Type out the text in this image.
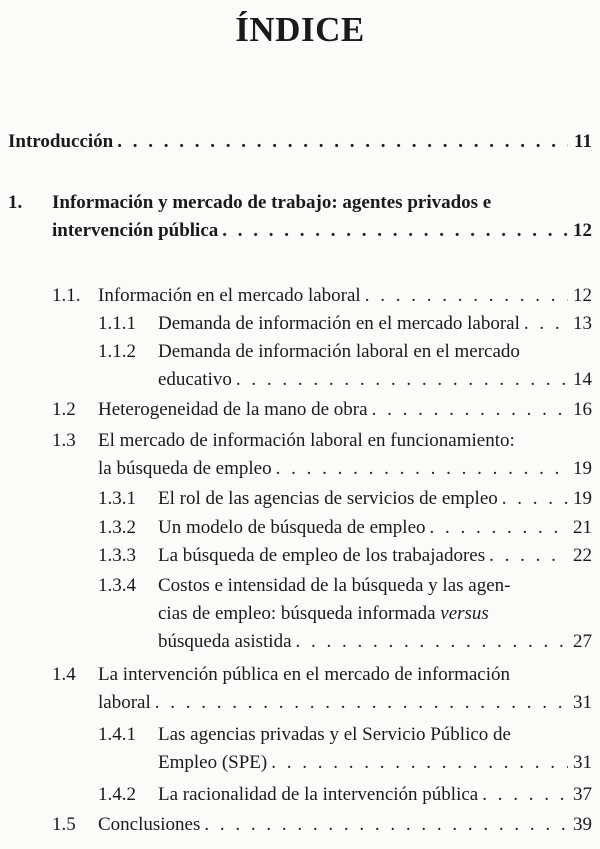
ÍNDICE
Introducción . . .	11
1. Información y mercado de trabajo: agentes privados e
intervención pública . . .	12
1.1. Información en el mercado laboral . . .	12
1.1.1 Demanda de información en el mercado laboral . . .	13
1.1.2 Demanda de información laboral en el mercado
educativo . . .	14
1.2 Heterogeneidad de la mano de obra . . .	16
1.3 El mercado de información laboral en funcionamiento:
la búsqueda de empleo . . .	19
1.3.1 El rol de las agencias de servicios de empleo . . .	19
1.3.2 Un modelo de búsqueda de empleo . . .	21
1.3.3 La búsqueda de empleo de los trabajadores . . .	22
1.3.4 Costos e intensidad de la búsqueda y las agen-
cias de empleo: búsqueda informada versus
búsqueda asistida . . .	27
1.4 La intervención pública en el mercado de información
laboral . . .	31
1.4.1 Las agencias privadas y el Servicio Público de
Empleo (SPE) . . .	31
1.4.2 La racionalidad de la intervención pública . . .	37
1.5 Conclusiones . . .	39
